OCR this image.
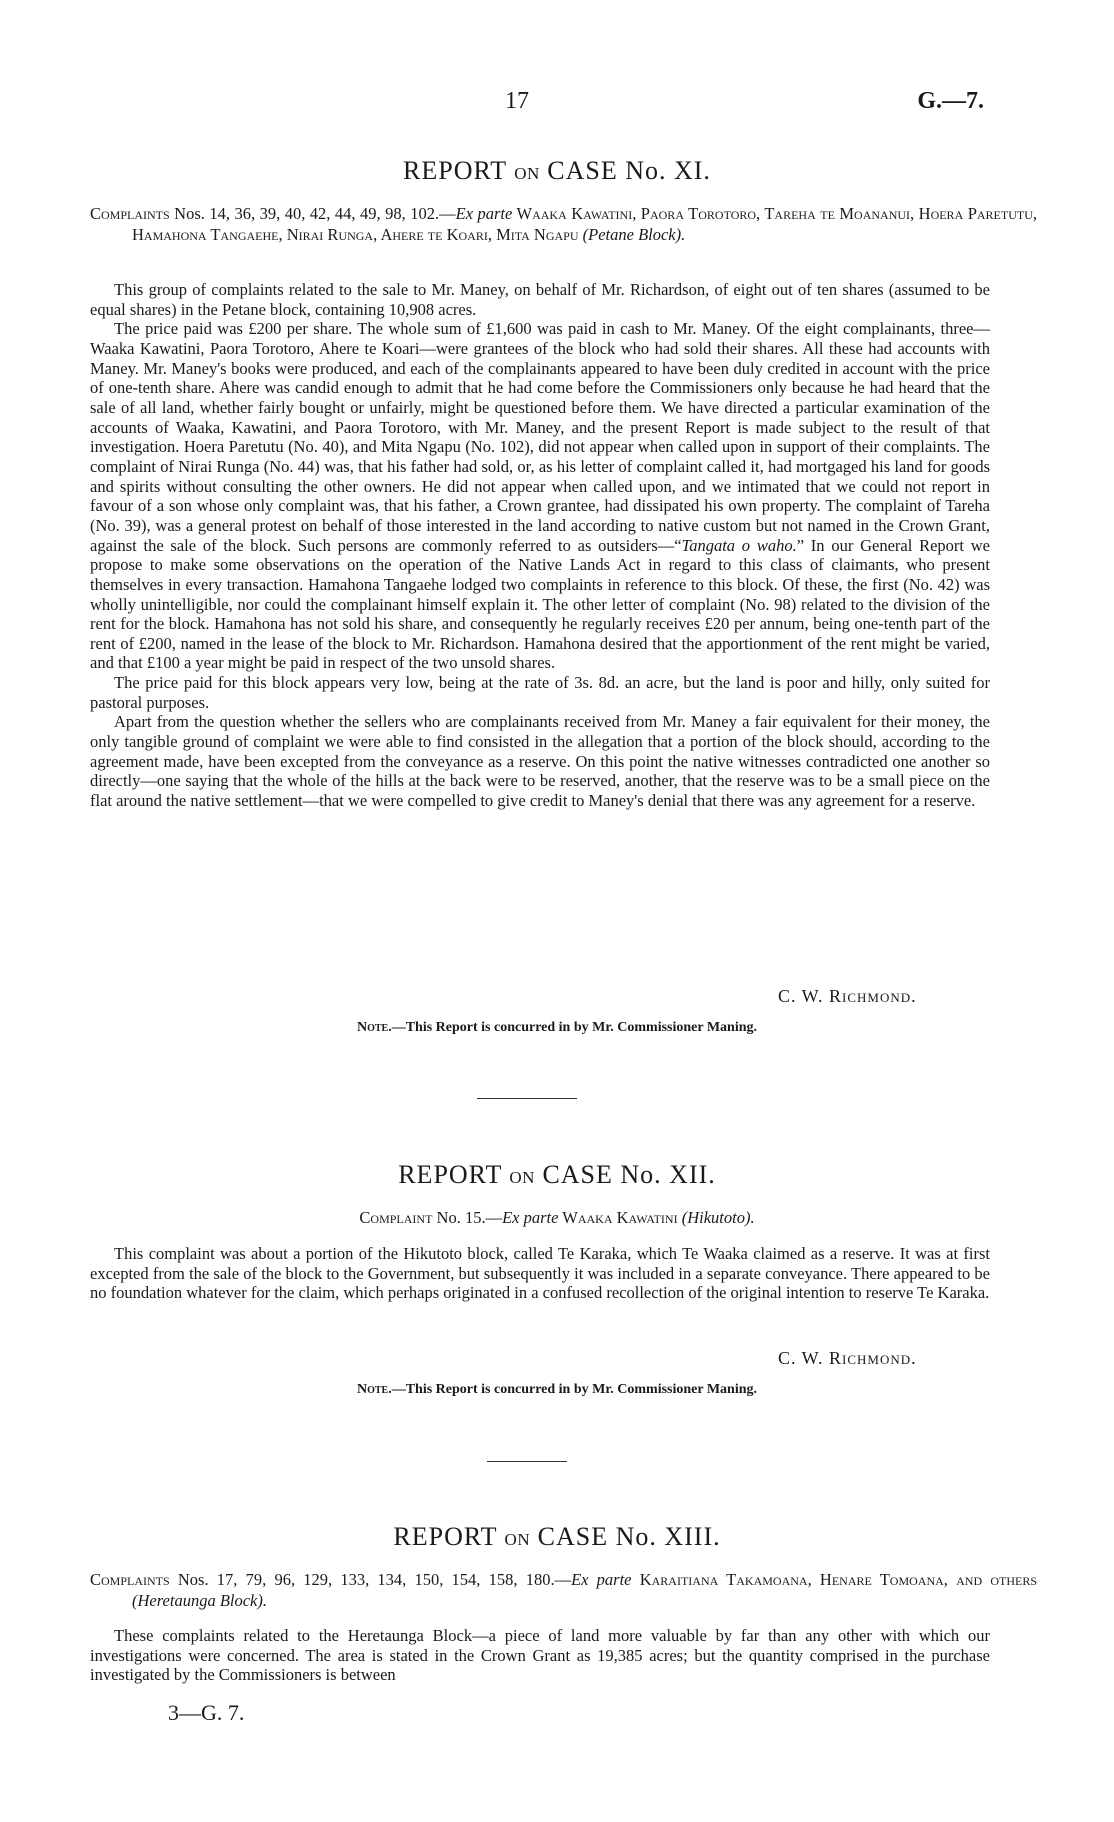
17	G.—7.
REPORT ON CASE No. XI.
Complaints Nos. 14, 36, 39, 40, 42, 44, 49, 98, 102.—Ex parte Waaka Kawatini, Paora Torotoro, Tareha te Moananui, Hoera Paretutu, Hamahona Tangaehe, Nirai Runga, Ahere te Koari, Mita Ngapu (Petane Block).

This group of complaints related to the sale to Mr. Maney, on behalf of Mr. Richardson, of eight out of ten shares (assumed to be equal shares) in the Petane block, containing 10,908 acres.

The price paid was £200 per share. The whole sum of £1,600 was paid in cash to Mr. Maney. Of the eight complainants, three—Waaka Kawatini, Paora Torotoro, Ahere te Koari—were grantees of the block who had sold their shares. All these had accounts with Maney. Mr. Maney's books were produced, and each of the complainants appeared to have been duly credited in account with the price of one-tenth share. Ahere was candid enough to admit that he had come before the Commissioners only because he had heard that the sale of all land, whether fairly bought or unfairly, might be questioned before them. We have directed a particular examination of the accounts of Waaka, Kawatini, and Paora Torotoro, with Mr. Maney, and the present Report is made subject to the result of that investigation. Hoera Paretutu (No. 40), and Mita Ngapu (No. 102), did not appear when called upon in support of their complaints. The complaint of Nirai Runga (No. 44) was, that his father had sold, or, as his letter of complaint called it, had mortgaged his land for goods and spirits without consulting the other owners. He did not appear when called upon, and we intimated that we could not report in favour of a son whose only complaint was, that his father, a Crown grantee, had dissipated his own property. The complaint of Tareha (No. 39), was a general protest on behalf of those interested in the land according to native custom but not named in the Crown Grant, against the sale of the block. Such persons are commonly referred to as outsiders—“Tangata o waho.” In our General Report we propose to make some observations on the operation of the Native Lands Act in regard to this class of claimants, who present themselves in every transaction. Hamahona Tangaehe lodged two complaints in reference to this block. Of these, the first (No. 42) was wholly unintelligible, nor could the complainant himself explain it. The other letter of complaint (No. 98) related to the division of the rent for the block. Hamahona has not sold his share, and consequently he regularly receives £20 per annum, being one-tenth part of the rent of £200, named in the lease of the block to Mr. Richardson. Hamahona desired that the apportionment of the rent might be varied, and that £100 a year might be paid in respect of the two unsold shares.

The price paid for this block appears very low, being at the rate of 3s. 8d. an acre, but the land is poor and hilly, only suited for pastoral purposes.

Apart from the question whether the sellers who are complainants received from Mr. Maney a fair equivalent for their money, the only tangible ground of complaint we were able to find consisted in the allegation that a portion of the block should, according to the agreement made, have been excepted from the conveyance as a reserve. On this point the native witnesses contradicted one another so directly—one saying that the whole of the hills at the back were to be reserved, another, that the reserve was to be a small piece on the flat around the native settlement—that we were compelled to give credit to Maney's denial that there was any agreement for a reserve.

C. W. Richmond.
Note.—This Report is concurred in by Mr. Commissioner Maning.
REPORT ON CASE No. XII.
Complaint No. 15.—Ex parte Waaka Kawatini (Hikutoto).

This complaint was about a portion of the Hikutoto block, called Te Karaka, which Te Waaka claimed as a reserve. It was at first excepted from the sale of the block to the Government, but subsequently it was included in a separate conveyance. There appeared to be no foundation whatever for the claim, which perhaps originated in a confused recollection of the original intention to reserve Te Karaka.

C. W. Richmond.
Note.—This Report is concurred in by Mr. Commissioner Maning.
REPORT ON CASE No. XIII.
Complaints Nos. 17, 79, 96, 129, 133, 134, 150, 154, 158, 180.—Ex parte Karaitiana Takamoana, Henare Tomoana, and others (Heretaunga Block).

These complaints related to the Heretaunga Block—a piece of land more valuable by far than any other with which our investigations were concerned. The area is stated in the Crown Grant as 19,385 acres; but the quantity comprised in the purchase investigated by the Commissioners is between

3—G. 7.
